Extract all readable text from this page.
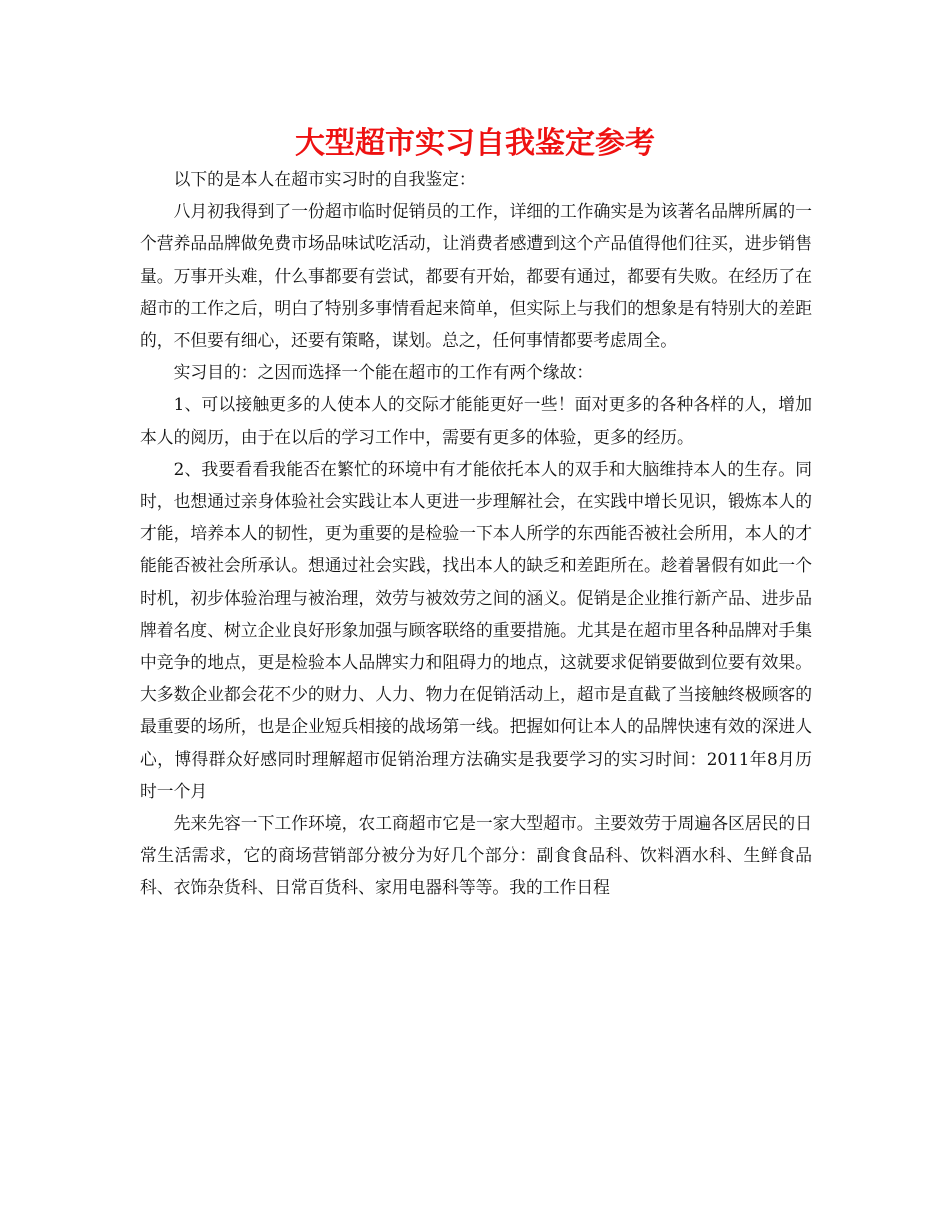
大型超市实习自我鉴定参考

以下的是本人在超市实习时的自我鉴定：

八月初我得到了一份超市临时促销员的工作，详细的工作确实是为该著名品牌所属的一个营养品品牌做免费市场品味试吃活动，让消费者感遭到这个产品值得他们往买，进步销售量。万事开头难，什么事都要有尝试，都要有开始，都要有通过，都要有失败。在经历了在超市的工作之后，明白了特别多事情看起来简单，但实际上与我们的想象是有特别大的差距的，不但要有细心，还要有策略，谋划。总之，任何事情都要考虑周全。

实习目的：之因而选择一个能在超市的工作有两个缘故：

1、可以接触更多的人使本人的交际才能能更好一些！面对更多的各种各样的人，增加本人的阅历，由于在以后的学习工作中，需要有更多的体验，更多的经历。

2、我要看看我能否在繁忙的环境中有才能依托本人的双手和大脑维持本人的生存。同时，也想通过亲身体验社会实践让本人更进一步理解社会，在实践中增长见识，锻炼本人的才能，培养本人的韧性，更为重要的是检验一下本人所学的东西能否被社会所用，本人的才能能否被社会所承认。想通过社会实践，找出本人的缺乏和差距所在。趁着暑假有如此一个时机，初步体验治理与被治理，效劳与被效劳之间的涵义。促销是企业推行新产品、进步品牌着名度、树立企业良好形象加强与顾客联络的重要措施。尤其是在超市里各种品牌对手集中竞争的地点，更是检验本人品牌实力和阻碍力的地点，这就要求促销要做到位要有效果。大多数企业都会花不少的财力、人力、物力在促销活动上，超市是直截了当接触终极顾客的最重要的场所，也是企业短兵相接的战场第一线。把握如何让本人的品牌快速有效的深进人心，博得群众好感同时理解超市促销治理方法确实是我要学习的实习时间：2011年8月历时一个月

先来先容一下工作环境，农工商超市它是一家大型超市。主要效劳于周遍各区居民的日常生活需求，它的商场营销部分被分为好几个部分：副食食品科、饮料酒水科、生鲜食品科、衣饰杂货科、日常百货科、家用电器科等等。我的工作日程
